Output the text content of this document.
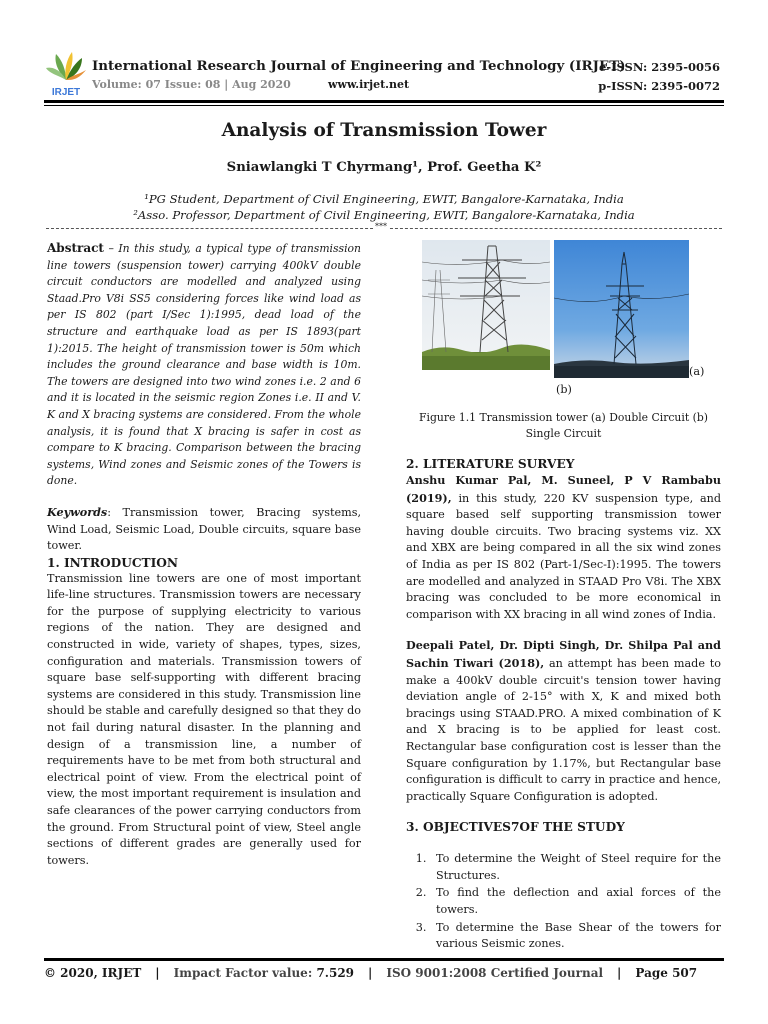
IRJET
International Research Journal of Engineering and Technology (IRJET)
Volume: 07 Issue: 08 | Aug 2020	www.irjet.net
e-ISSN: 2395-0056
p-ISSN: 2395-0072
Analysis of Transmission Tower
Sniawlangki T Chyrmang¹, Prof. Geetha K²
¹PG Student, Department of Civil Engineering, EWIT, Bangalore-Karnataka, India
²Asso. Professor, Department of Civil Engineering, EWIT, Bangalore-Karnataka, India
***

Abstract – In this study, a typical type of transmission line towers (suspension tower) carrying 400kV double circuit conductors are modelled and analyzed using Staad.Pro V8i SS5 considering forces like wind load as per IS 802 (part I/Sec 1):1995, dead load of the structure and earthquake load as per IS 1893(part 1):2015. The height of transmission tower is 50m which includes the ground clearance and base width is 10m. The towers are designed into two wind zones i.e. 2 and 6 and it is located in the seismic region Zones i.e. II and V. K and X bracing systems are considered. From the whole analysis, it is found that X bracing is safer in cost as compare to K bracing. Comparison between the bracing systems, Wind zones and Seismic zones of the Towers is done.

Keywords: Transmission tower, Bracing systems, Wind Load, Seismic Load, Double circuits, square base tower.

1. INTRODUCTION

Transmission line towers are one of most important life-line structures. Transmission towers are necessary for the purpose of supplying electricity to various regions of the nation. They are designed and constructed in wide, variety of shapes, types, sizes, configuration and materials. Transmission towers of square base self-supporting with different bracing systems are considered in this study. Transmission line should be stable and carefully designed so that they do not fail during natural disaster. In the planning and design of a transmission line, a number of requirements have to be met from both structural and electrical point of view. From the electrical point of view, the most important requirement is insulation and safe clearances of the power carrying conductors from the ground. From Structural point of view, Steel angle sections of different grades are generally used for towers.

(a)
(b)
Figure 1.1 Transmission tower (a) Double Circuit (b) Single Circuit
2. LITERATURE SURVEY

Anshu Kumar Pal, M. Suneel, P V Rambabu (2019), in this study, 220 KV suspension type, and square based self supporting transmission tower having double circuits. Two bracing systems viz. XX and XBX are being compared in all the six wind zones of India as per IS 802 (Part-1/Sec-I):1995. The towers are modelled and analyzed in STAAD Pro V8i. The XBX bracing was concluded to be more economical in comparison with XX bracing in all wind zones of India.

Deepali Patel, Dr. Dipti Singh, Dr. Shilpa Pal and Sachin Tiwari (2018), an attempt has been made to make a 400kV double circuit's tension tower having deviation angle of 2-15° with X, K and mixed both bracings using STAAD.PRO. A mixed combination of K and X bracing is to be applied for least cost. Rectangular base configuration cost is lesser than the Square configuration by 1.17%, but Rectangular base configuration is difficult to carry in practice and hence, practically Square Configuration is adopted.

3. OBJECTIVES7OF THE STUDY
1. To determine the Weight of Steel require for the Structures.
2. To find the deflection and axial forces of the towers.
3. To determine the Base Shear of the towers for various Seismic zones.
© 2020, IRJET | Impact Factor value: 7.529 | ISO 9001:2008 Certified Journal | Page 507
